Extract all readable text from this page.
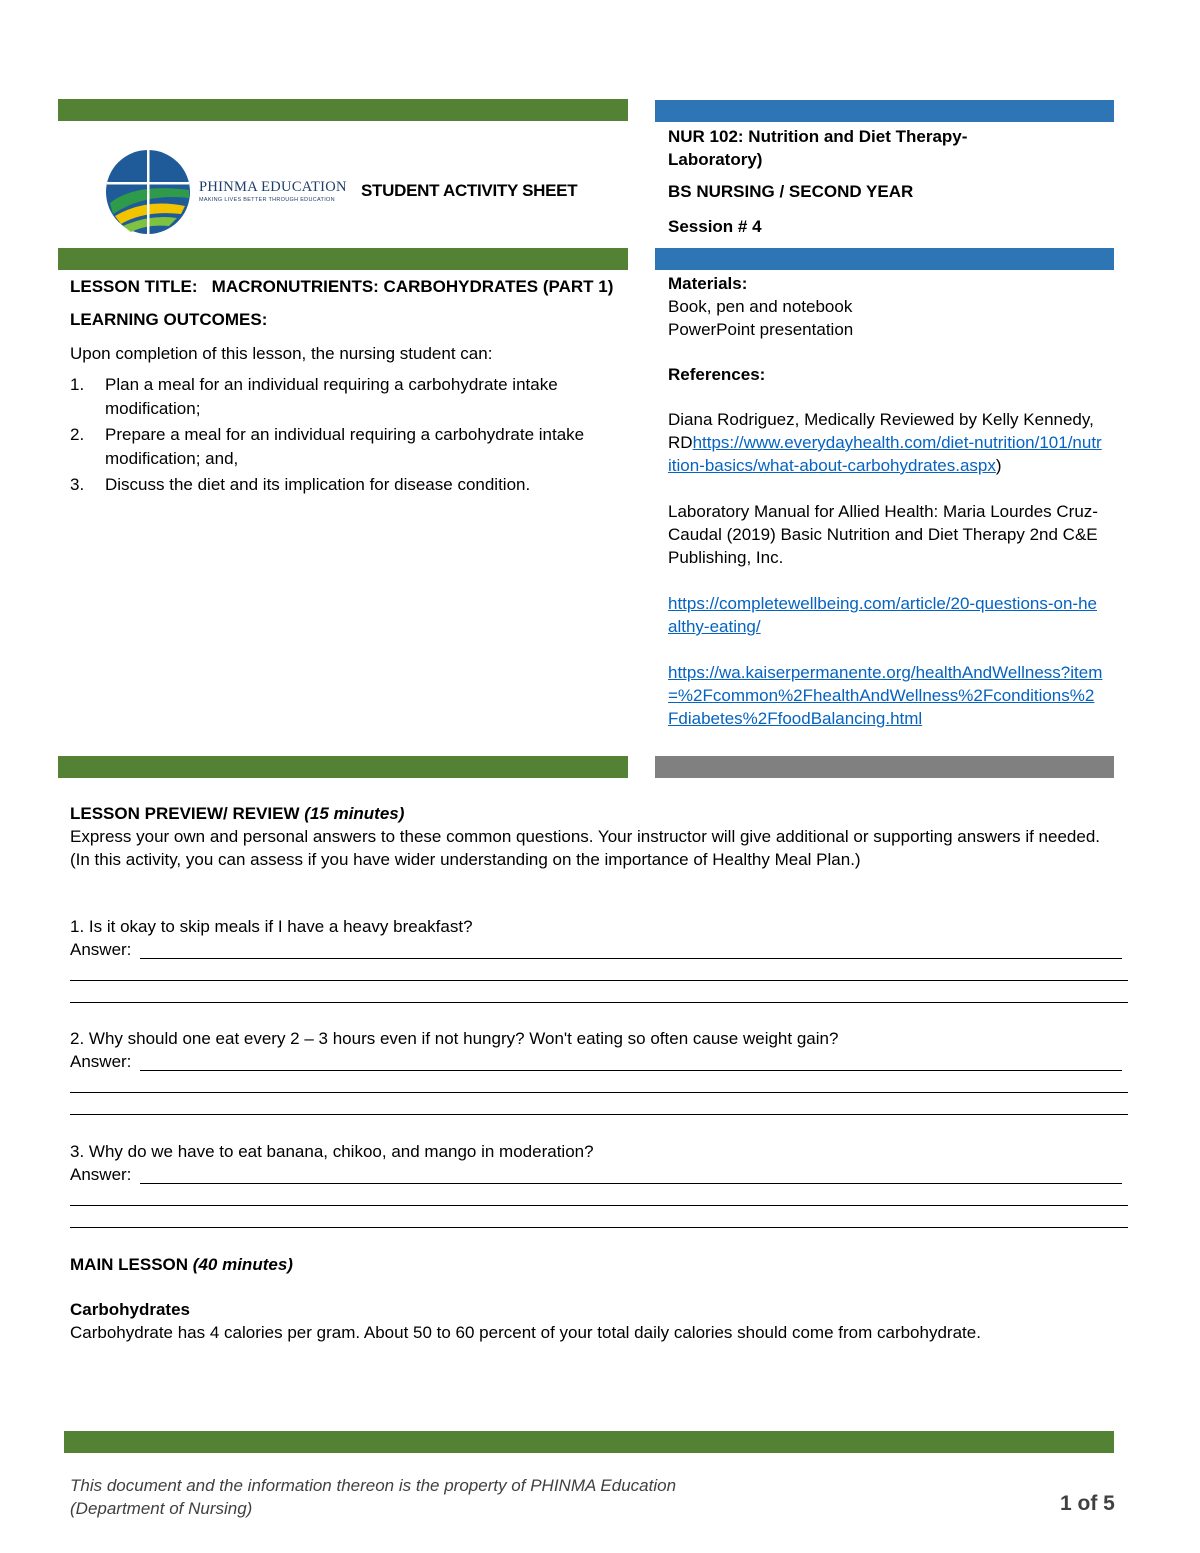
PHINMA EDUCATION
MAKING LIVES BETTER THROUGH EDUCATION STUDENT ACTIVITY SHEET
NUR 102: Nutrition and Diet Therapy-Laboratory)
BS NURSING / SECOND YEAR
Session # 4
LESSON TITLE: MACRONUTRIENTS: CARBOHYDRATES (PART 1)
LEARNING OUTCOMES:
Upon completion of this lesson, the nursing student can:
1. Plan a meal for an individual requiring a carbohydrate intake modification;
2. Prepare a meal for an individual requiring a carbohydrate intake modification; and,
3. Discuss the diet and its implication for disease condition.
Materials:
Book, pen and notebook
PowerPoint presentation
References:
Diana Rodriguez, Medically Reviewed by Kelly Kennedy,RDhttps://www.everydayhealth.com/diet-nutrition/101/nutrition-basics/what-about-carbohydrates.aspx)
Laboratory Manual for Allied Health: Maria Lourdes Cruz-Caudal (2019) Basic Nutrition and Diet Therapy 2nd C&E Publishing, Inc.
https://completewellbeing.com/article/20-questions-on-healthy-eating/
https://wa.kaiserpermanente.org/healthAndWellness?item=%2Fcommon%2FhealthAndWellness%2Fconditions%2Fdiabetes%2FfoodBalancing.html
LESSON PREVIEW/ REVIEW (15 minutes)
Express your own and personal answers to these common questions. Your instructor will give additional or supporting answers if needed. (In this activity, you can assess if you have wider understanding on the importance of Healthy Meal Plan.)
1. Is it okay to skip meals if I have a heavy breakfast?
Answer:
2. Why should one eat every 2 – 3 hours even if not hungry? Won't eating so often cause weight gain?
Answer:
3. Why do we have to eat banana, chikoo, and mango in moderation?
Answer:
MAIN LESSON (40 minutes)
Carbohydrates
Carbohydrate has 4 calories per gram. About 50 to 60 percent of your total daily calories should come from carbohydrate.
This document and the information thereon is the property of PHINMA Education (Department of Nursing)	1 of 5
